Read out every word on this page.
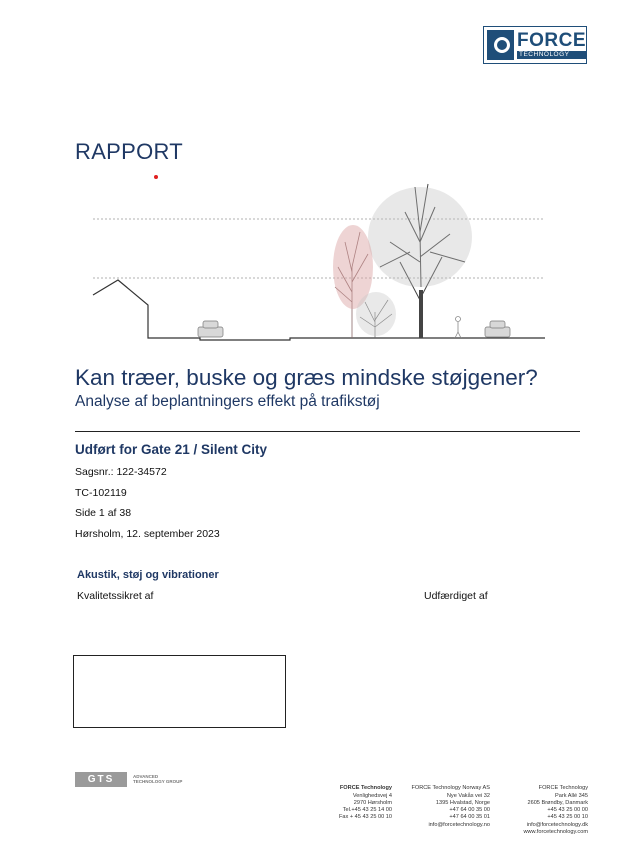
FORCE
TECHNOLOGY
RAPPORT
Kan træer, buske og græs mindske støjgener?
Analyse af beplantningers effekt på trafikstøj
Udført for Gate 21 / Silent City
Sagsnr.: 122-34572
TC-102119
Side 1 af 38
Hørsholm, 12. september 2023
Akustik, støj og vibrationer
Kvalitetssikret af	Udfærdiget af
GTS	ADVANCED
TECHNOLOGY GROUP

FORCE Technology
Venlighedsvej 4
2970 Hørsholm
Tel.+45 43 25 14 00
Fax + 45 43 25 00 10

FORCE Technology Norway AS
Nye Vakås vei 32
1395 Hvalstad, Norge
+47 64 00 35 00
+47 64 00 35 01
info@forcetechnology.no

FORCE Technology
Park Allé 345
2605 Brøndby, Danmark
+45 43 25 00 00
+45 43 25 00 10
info@forcetechnology.dk
www.forcetechnology.com
